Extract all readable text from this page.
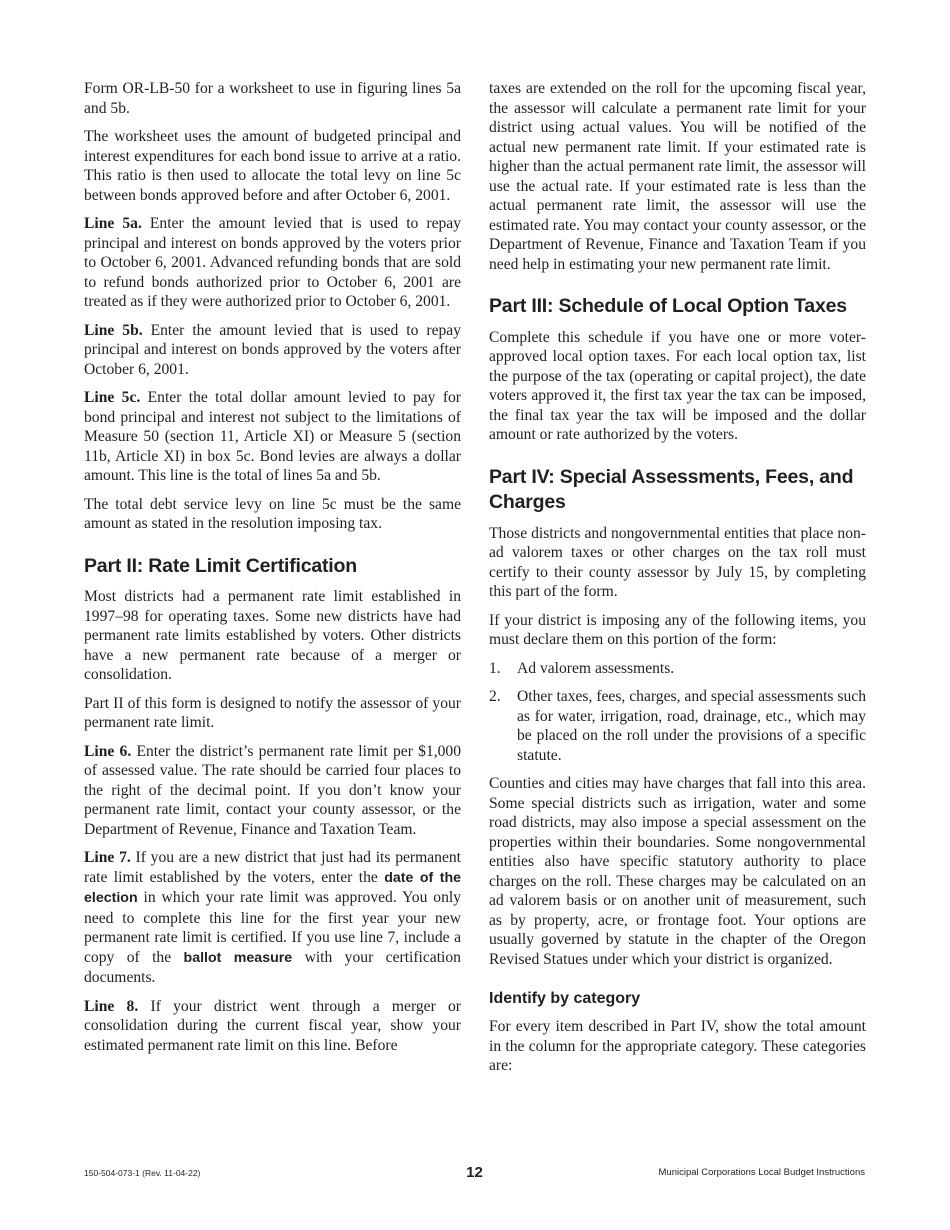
Form OR-LB-50 for a worksheet to use in figuring lines 5a and 5b.

The worksheet uses the amount of budgeted principal and interest expenditures for each bond issue to arrive at a ratio. This ratio is then used to allocate the total levy on line 5c between bonds approved before and after October 6, 2001.

Line 5a. Enter the amount levied that is used to repay principal and interest on bonds approved by the voters prior to October 6, 2001. Advanced refunding bonds that are sold to refund bonds authorized prior to October 6, 2001 are treated as if they were authorized prior to October 6, 2001.

Line 5b. Enter the amount levied that is used to repay principal and interest on bonds approved by the voters after October 6, 2001.

Line 5c. Enter the total dollar amount levied to pay for bond principal and interest not subject to the limitations of Measure 50 (section 11, Article XI) or Measure 5 (section 11b, Article XI) in box 5c. Bond levies are always a dollar amount. This line is the total of lines 5a and 5b.

The total debt service levy on line 5c must be the same amount as stated in the resolution imposing tax.

Part II: Rate Limit Certification

Most districts had a permanent rate limit established in 1997–98 for operating taxes. Some new districts have had permanent rate limits established by voters. Other districts have a new permanent rate because of a merger or consolidation.

Part II of this form is designed to notify the assessor of your permanent rate limit.

Line 6. Enter the district’s permanent rate limit per $1,000 of assessed value. The rate should be carried four places to the right of the decimal point. If you don’t know your permanent rate limit, contact your county assessor, or the Department of Revenue, Finance and Taxation Team.

Line 7. If you are a new district that just had its permanent rate limit established by the voters, enter the date of the election in which your rate limit was approved. You only need to complete this line for the first year your new permanent rate limit is certified. If you use line 7, include a copy of the ballot measure with your certification documents.

Line 8. If your district went through a merger or consolidation during the current fiscal year, show your estimated permanent rate limit on this line. Before

taxes are extended on the roll for the upcoming fiscal year, the assessor will calculate a permanent rate limit for your district using actual values. You will be notified of the actual new permanent rate limit. If your estimated rate is higher than the actual permanent rate limit, the assessor will use the actual rate. If your estimated rate is less than the actual permanent rate limit, the assessor will use the estimated rate. You may contact your county assessor, or the Department of Revenue, Finance and Taxation Team if you need help in estimating your new permanent rate limit.

Part III: Schedule of Local Option Taxes

Complete this schedule if you have one or more voter-approved local option taxes. For each local option tax, list the purpose of the tax (operating or capital project), the date voters approved it, the first tax year the tax can be imposed, the final tax year the tax will be imposed and the dollar amount or rate authorized by the voters.

Part IV: Special Assessments, Fees, and Charges

Those districts and nongovernmental entities that place non-ad valorem taxes or other charges on the tax roll must certify to their county assessor by July 15, by completing this part of the form.

If your district is imposing any of the following items, you must declare them on this portion of the form:

1.	Ad valorem assessments.
2.	Other taxes, fees, charges, and special assessments such as for water, irrigation, road, drainage, etc., which may be placed on the roll under the provisions of a specific statute.

Counties and cities may have charges that fall into this area. Some special districts such as irrigation, water and some road districts, may also impose a special assessment on the properties within their boundaries. Some nongovernmental entities also have specific statutory authority to place charges on the roll. These charges may be calculated on an ad valorem basis or on another unit of measurement, such as by property, acre, or frontage foot. Your options are usually governed by statute in the chapter of the Oregon Revised Statues under which your district is organized.

Identify by category

For every item described in Part IV, show the total amount in the column for the appropriate category. These categories are:

150-504-073-1 (Rev. 11-04-22)	12	Municipal Corporations Local Budget Instructions
